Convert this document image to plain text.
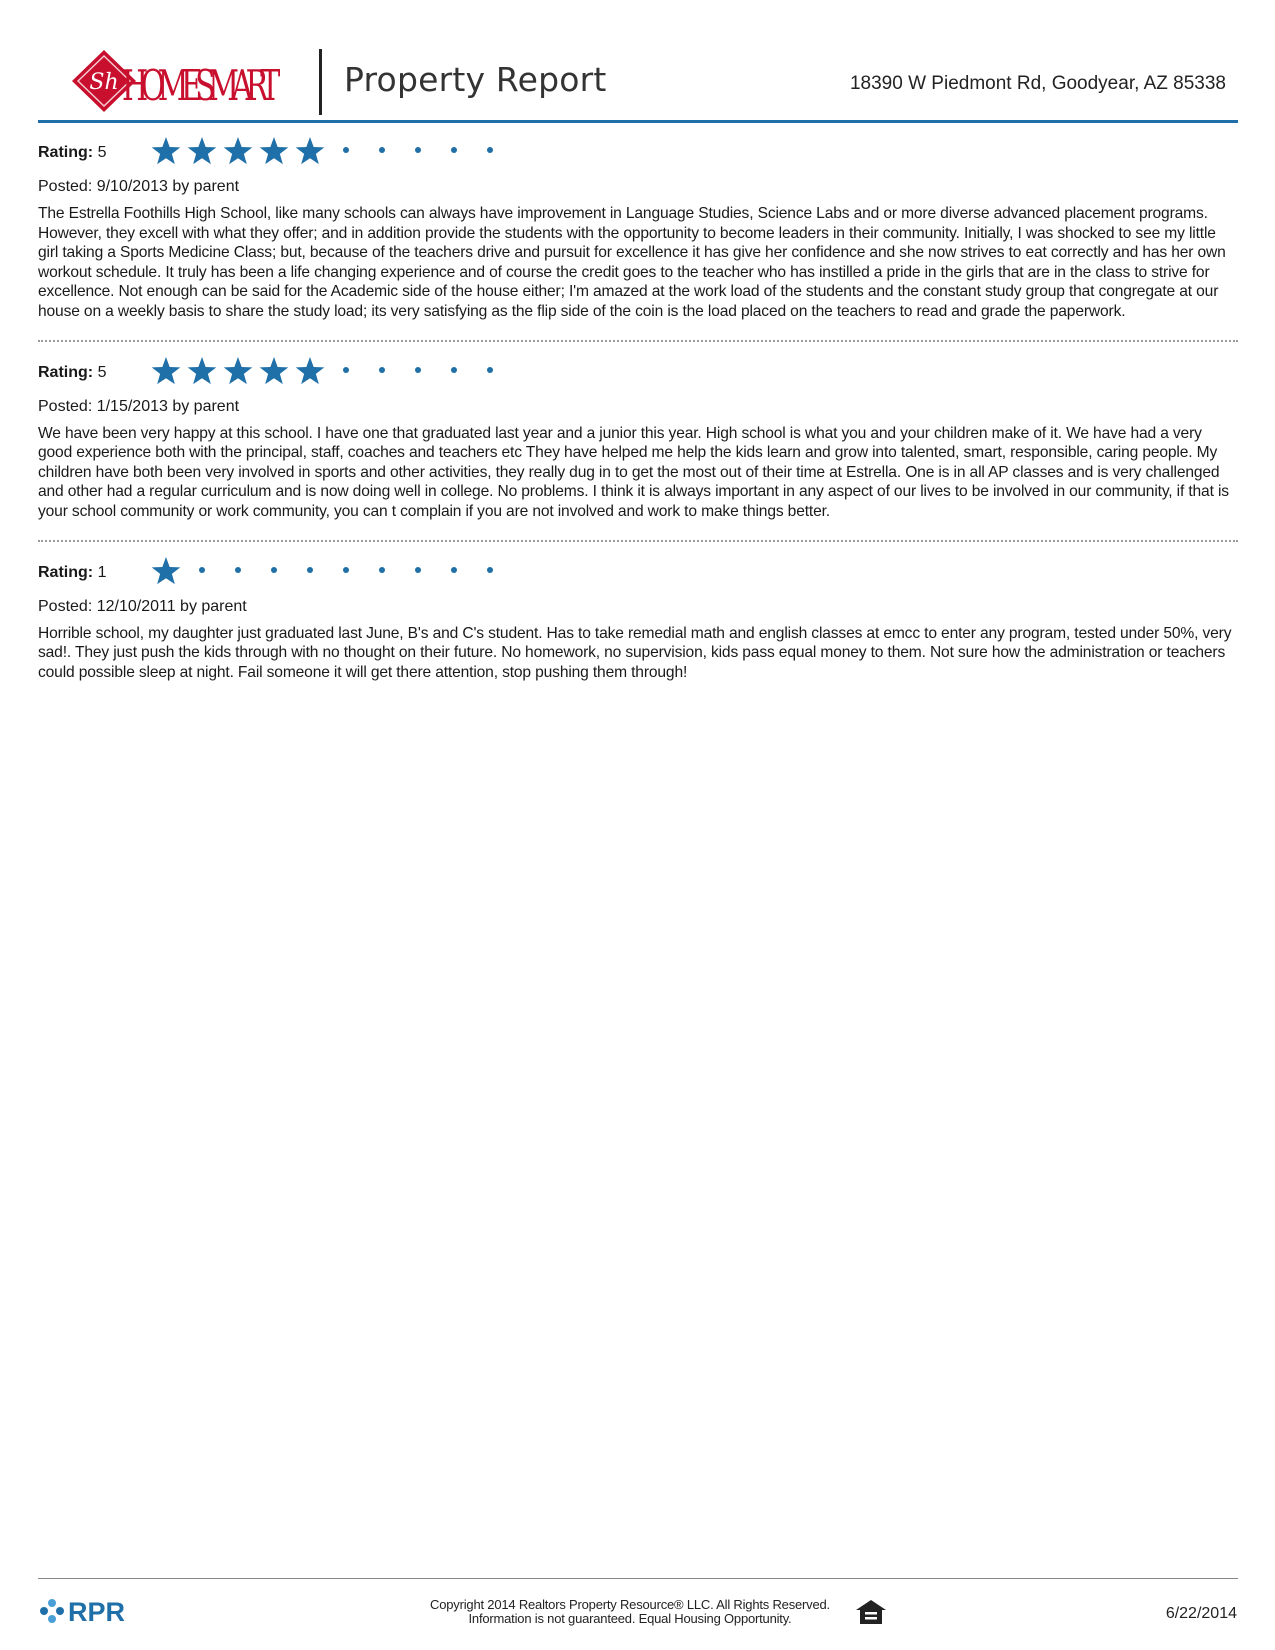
Sh HOMESMART Property Report	18390 W Piedmont Rd, Goodyear, AZ 85338
Rating: 5
Posted: 9/10/2013 by parent
The Estrella Foothills High School, like many schools can always have improvement in Language Studies, Science Labs and or more diverse advanced placement programs. However, they excell with what they offer; and in addition provide the students with the opportunity to become leaders in their community. Initially, I was shocked to see my little girl taking a Sports Medicine Class; but, because of the teachers drive and pursuit for excellence it has give her confidence and she now strives to eat correctly and has her own workout schedule. It truly has been a life changing experience and of course the credit goes to the teacher who has instilled a pride in the girls that are in the class to strive for excellence. Not enough can be said for the Academic side of the house either; I'm amazed at the work load of the students and the constant study group that congregate at our house on a weekly basis to share the study load; its very satisfying as the flip side of the coin is the load placed on the teachers to read and grade the paperwork.
Rating: 5
Posted: 1/15/2013 by parent
We have been very happy at this school. I have one that graduated last year and a junior this year. High school is what you and your children make of it. We have had a very good experience both with the principal, staff, coaches and teachers etc They have helped me help the kids learn and grow into talented, smart, responsible, caring people. My children have both been very involved in sports and other activities, they really dug in to get the most out of their time at Estrella. One is in all AP classes and is very challenged and other had a regular curriculum and is now doing well in college. No problems. I think it is always important in any aspect of our lives to be involved in our community, if that is your school community or work community, you can t complain if you are not involved and work to make things better.
Rating: 1
Posted: 12/10/2011 by parent
Horrible school, my daughter just graduated last June, B's and C's student. Has to take remedial math and english classes at emcc to enter any program, tested under 50%, very sad!. They just push the kids through with no thought on their future. No homework, no supervision, kids pass equal money to them. Not sure how the administration or teachers could possible sleep at night. Fail someone it will get there attention, stop pushing them through!
RPR	Copyright 2014 Realtors Property Resource® LLC. All Rights Reserved.
Information is not guaranteed. Equal Housing Opportunity.	6/22/2014
